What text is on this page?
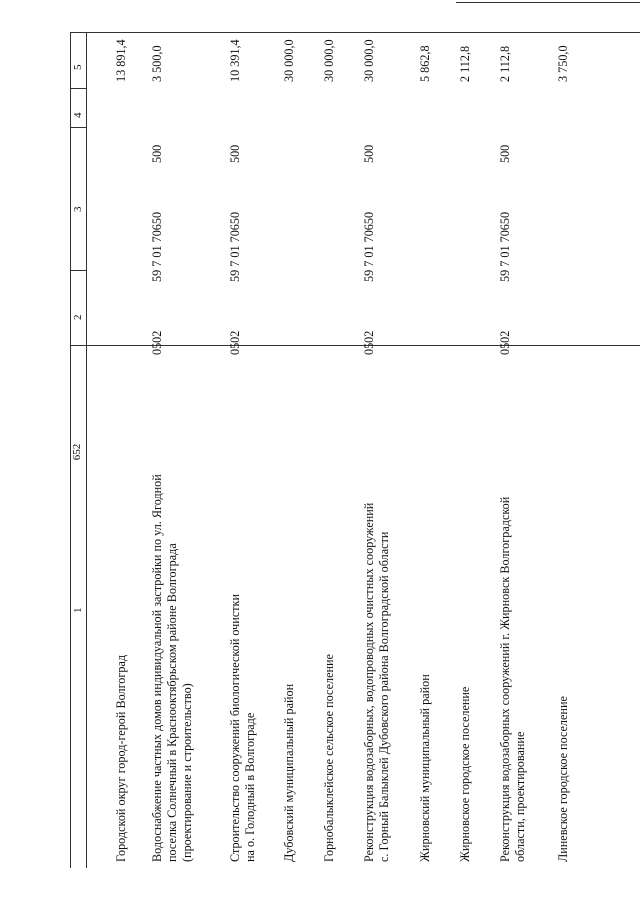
652
1
2
3
4
5
Городской округ город-герой Волгоград
13 891,4
Водоснабжение частных домов индивидуальной застройки по ул. Ягодной поселка Солнечный в Краснооктябрьском районе Волгограда (проектирование и строительство)
0502
59 7 01 70650
500
3 500,0
Строительство сооружений биологической очистки на о. Голодный в Волгограде
0502
59 7 01 70650
500
10 391,4
Дубовский муниципальный район
30 000,0
Горнобалыклейское сельское поселение
30 000,0
Реконструкция водозаборных, водопроводных очистных сооружений с. Горный Балыклей Дубовского района Волгоградской области
0502
59 7 01 70650
500
30 000,0
Жирновский муниципальный район
5 862,8
Жирновское городское поселение
2 112,8
Реконструкция водозаборных сооружений г. Жирновск Волгоградской области, проектирование
0502
59 7 01 70650
500
2 112,8
Линевское городское поселение
3 750,0
